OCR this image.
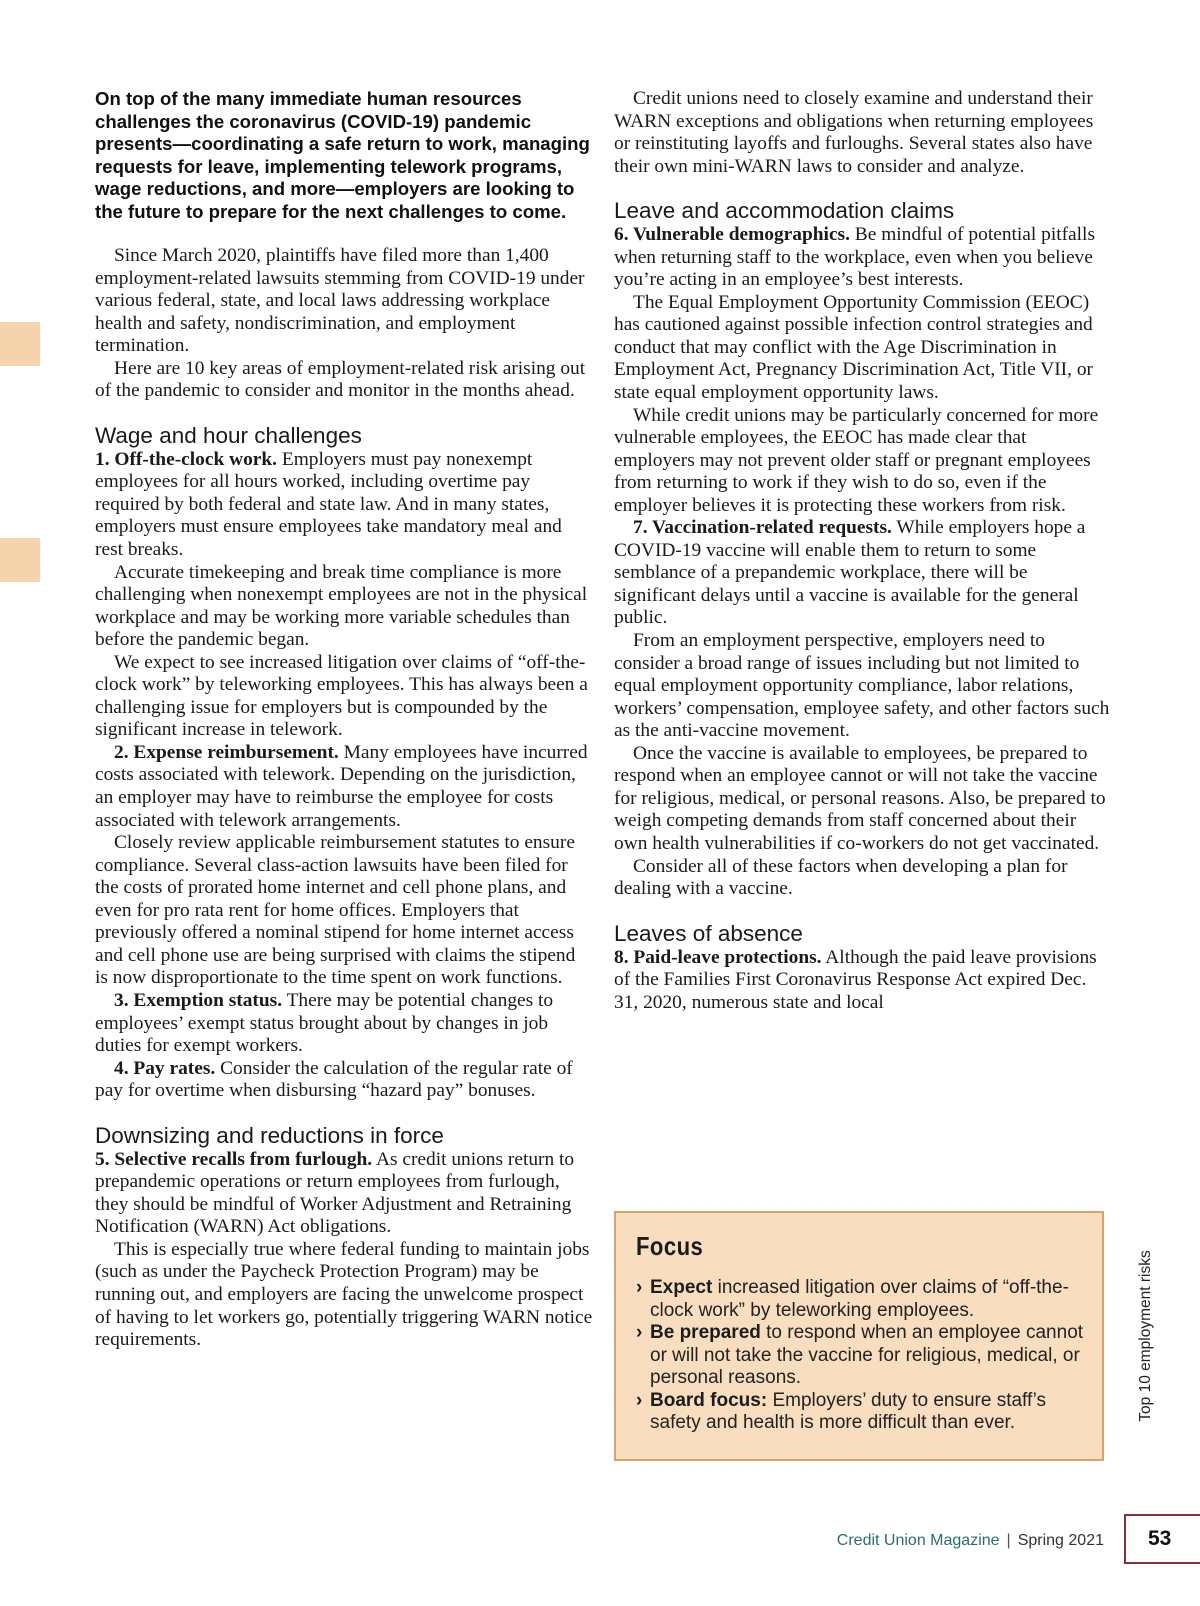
On top of the many immediate human resources challenges the coronavirus (COVID-19) pandemic presents—coordinating a safe return to work, managing requests for leave, implementing telework programs, wage reductions, and more—employers are looking to the future to prepare for the next challenges to come.

Since March 2020, plaintiffs have filed more than 1,400 employment-related lawsuits stemming from COVID-19 under various federal, state, and local laws addressing workplace health and safety, nondiscrimination, and employment termination.

Here are 10 key areas of employment-related risk arising out of the pandemic to consider and monitor in the months ahead.

Wage and hour challenges

1. Off-the-clock work. Employers must pay nonexempt employees for all hours worked, including overtime pay required by both federal and state law. And in many states, employers must ensure employees take mandatory meal and rest breaks.

Accurate timekeeping and break time compliance is more challenging when nonexempt employees are not in the physical workplace and may be working more variable schedules than before the pandemic began.

We expect to see increased litigation over claims of “off-the-clock work” by teleworking employees. This has always been a challenging issue for employers but is compounded by the significant increase in telework.

2. Expense reimbursement. Many employees have incurred costs associated with telework. Depending on the jurisdiction, an employer may have to reimburse the employee for costs associated with telework arrangements.

Closely review applicable reimbursement statutes to ensure compliance. Several class-action lawsuits have been filed for the costs of prorated home internet and cell phone plans, and even for pro rata rent for home offices. Employers that previously offered a nominal stipend for home internet access and cell phone use are being surprised with claims the stipend is now disproportionate to the time spent on work functions.

3. Exemption status. There may be potential changes to employees’ exempt status brought about by changes in job duties for exempt workers.

4. Pay rates. Consider the calculation of the regular rate of pay for overtime when disbursing “hazard pay” bonuses.

Downsizing and reductions in force

5. Selective recalls from furlough. As credit unions return to prepandemic operations or return employees from furlough, they should be mindful of Worker Adjustment and Retraining Notification (WARN) Act obligations.

This is especially true where federal funding to maintain jobs (such as under the Paycheck Protection Program) may be running out, and employers are facing the unwelcome prospect of having to let workers go, potentially triggering WARN notice requirements.

Credit unions need to closely examine and understand their WARN exceptions and obligations when returning employees or reinstituting layoffs and furloughs. Several states also have their own mini-WARN laws to consider and analyze.

Leave and accommodation claims

6. Vulnerable demographics. Be mindful of potential pitfalls when returning staff to the workplace, even when you believe you’re acting in an employee’s best interests.

The Equal Employment Opportunity Commission (EEOC) has cautioned against possible infection control strategies and conduct that may conflict with the Age Discrimination in Employment Act, Pregnancy Discrimination Act, Title VII, or state equal employment opportunity laws.

While credit unions may be particularly concerned for more vulnerable employees, the EEOC has made clear that employers may not prevent older staff or pregnant employees from returning to work if they wish to do so, even if the employer believes it is protecting these workers from risk.

7. Vaccination-related requests. While employers hope a COVID-19 vaccine will enable them to return to some semblance of a prepandemic workplace, there will be significant delays until a vaccine is available for the general public.

From an employment perspective, employers need to consider a broad range of issues including but not limited to equal employment opportunity compliance, labor relations, workers’ compensation, employee safety, and other factors such as the anti-vaccine movement.

Once the vaccine is available to employees, be prepared to respond when an employee cannot or will not take the vaccine for religious, medical, or personal reasons. Also, be prepared to weigh competing demands from staff concerned about their own health vulnerabilities if co-workers do not get vaccinated.

Consider all of these factors when developing a plan for dealing with a vaccine.

Leaves of absence

8. Paid-leave protections. Although the paid leave provisions of the Families First Coronavirus Response Act expired Dec. 31, 2020, numerous state and local

Focus

› Expect increased litigation over claims of “off-the-clock work” by teleworking employees.

› Be prepared to respond when an employee cannot or will not take the vaccine for religious, medical, or personal reasons.

› Board focus: Employers’ duty to ensure staff’s safety and health is more difficult than ever.

Top 10 employment risks
Credit Union Magazine | Spring 2021	53
